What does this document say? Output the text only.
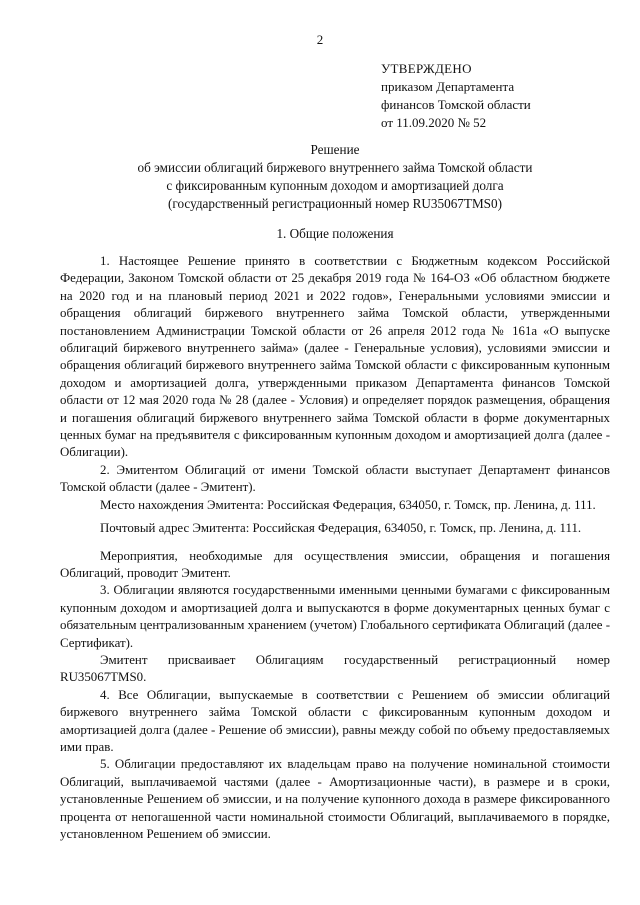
2
УТВЕРЖДЕНО
приказом Департамента
финансов Томской области
от 11.09.2020 № 52
Решение
об эмиссии облигаций биржевого внутреннего займа Томской области
с фиксированным купонным доходом и амортизацией долга
(государственный регистрационный номер RU35067TMS0)
1. Общие положения

1. Настоящее Решение принято в соответствии с Бюджетным кодексом Российской Федерации, Законом Томской области от 25 декабря 2019 года № 164-ОЗ «Об областном бюджете на 2020 год и на плановый период 2021 и 2022 годов», Генеральными условиями эмиссии и обращения облигаций биржевого внутреннего займа Томской области, утвержденными постановлением Администрации Томской области от 26 апреля 2012 года № 161а «О выпуске облигаций биржевого внутреннего займа» (далее - Генеральные условия), условиями эмиссии и обращения облигаций биржевого внутреннего займа Томской области с фиксированным купонным доходом и амортизацией долга, утвержденными приказом Департамента финансов Томской области от 12 мая 2020 года № 28 (далее - Условия) и определяет порядок размещения, обращения и погашения облигаций биржевого внутреннего займа Томской области в форме документарных ценных бумаг на предъявителя с фиксированным купонным доходом и амортизацией долга (далее - Облигации).

2. Эмитентом Облигаций от имени Томской области выступает Департамент финансов Томской области (далее - Эмитент).

Место нахождения Эмитента: Российская Федерация, 634050, г. Томск, пр. Ленина, д. 111.

Почтовый адрес Эмитента: Российская Федерация, 634050, г. Томск, пр. Ленина, д. 111.

Мероприятия, необходимые для осуществления эмиссии, обращения и погашения Облигаций, проводит Эмитент.

3. Облигации являются государственными именными ценными бумагами с фиксированным купонным доходом и амортизацией долга и выпускаются в форме документарных ценных бумаг с обязательным централизованным хранением (учетом) Глобального сертификата Облигаций (далее - Сертификат).

Эмитент присваивает Облигациям государственный регистрационный номер RU35067TMS0.

4. Все Облигации, выпускаемые в соответствии с Решением об эмиссии облигаций биржевого внутреннего займа Томской области с фиксированным купонным доходом и амортизацией долга (далее - Решение об эмиссии), равны между собой по объему предоставляемых ими прав.

5. Облигации предоставляют их владельцам право на получение номинальной стоимости Облигаций, выплачиваемой частями (далее - Амортизационные части), в размере и в сроки, установленные Решением об эмиссии, и на получение купонного дохода в размере фиксированного процента от непогашенной части номинальной стоимости Облигаций, выплачиваемого в порядке, установленном Решением об эмиссии.
